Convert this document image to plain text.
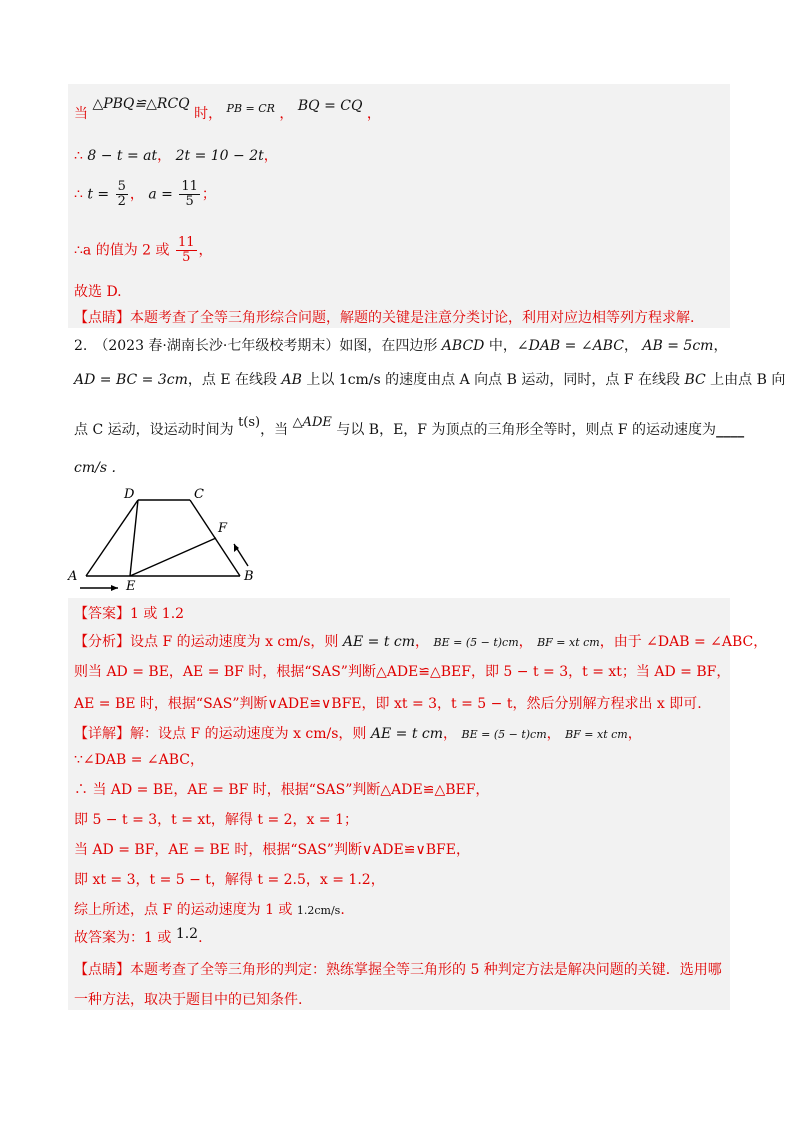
当 △PBQ≌△RCQ 时， $^{PB = CR}$ ， BQ = CQ ，
∴ 8 − t = at， 2t = 10 − 2t，
∴ $t = \frac{5}{2}$ ， $a = \frac{11}{5}$ ；
∴a 的值为 2 或 $\frac{11}{5}$ ，
故选 D.
【点睛】本题考查了全等三角形综合问题，解题的关键是注意分类讨论，利用对应边相等列方程求解.
2.　（2023 春·湖南长沙·七年级校考期末）如图，在四边形 ABCD 中，∠DAB = ∠ABC， AB = 5cm，
AD = BC = 3cm，点 E 在线段 AB 上以 1cm/s 的速度由点 A 向点 B 运动，同时，点 F 在线段 BC 上由点 B 向
点 C 运动，设运动时间为 t(s)，当 △ADE 与以 B，E，F 为顶点的三角形全等时，则点 F 的运动速度为____
cm/s .
A	B
C
D
E
F
【答案】1 或 1.2
【分析】设点 F 的运动速度为 x cm/s，则 AE = t cm， BE = (5 − t)cm， BF = xt cm，由于 ∠DAB = ∠ABC，
则当 AD = BE，AE = BF 时，根据“SAS”判断△ADE≌△BEF，即 5 − t = 3，t = xt；当 AD = BF，
AE = BE 时，根据“SAS”判断∨ADE≌∨BFE，即 xt = 3，t = 5 − t，然后分别解方程求出 x 即可.
【详解】解：设点 F 的运动速度为 x cm/s，则 AE = t cm， BE = (5 − t)cm， BF = xt cm，
∵∠DAB = ∠ABC，
∴ 当 AD = BE，AE = BF 时，根据“SAS”判断△ADE≌△BEF，
即 5 − t = 3，t = xt，解得 t = 2，x = 1；
当 AD = BF，AE = BE 时，根据“SAS”判断∨ADE≌∨BFE，
即 xt = 3，t = 5 − t，解得 t = 2.5，x = 1.2，
综上所述，点 F 的运动速度为 1 或 1.2cm/s.
故答案为：1 或 1.2.
【点睛】本题考查了全等三角形的判定：熟练掌握全等三角形的 5 种判定方法是解决问题的关键．选用哪
一种方法，取决于题目中的已知条件.
